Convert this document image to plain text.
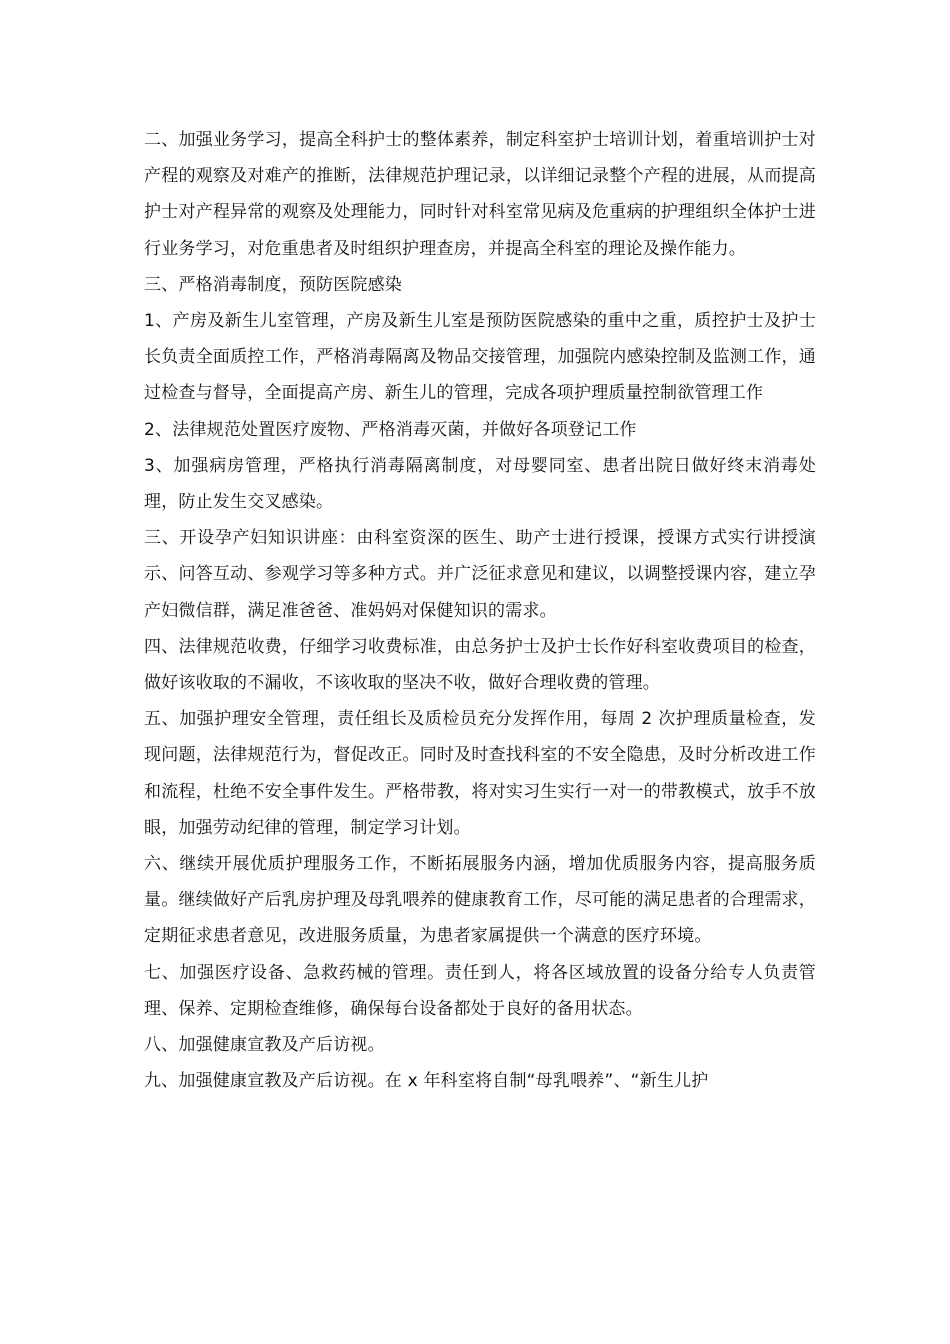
二、加强业务学习，提高全科护士的整体素养，制定科室护士培训计划，着重培训护士对产程的观察及对难产的推断，法律规范护理记录，以详细记录整个产程的进展，从而提高护士对产程异常的观察及处理能力，同时针对科室常见病及危重病的护理组织全体护士进行业务学习，对危重患者及时组织护理查房，并提高全科室的理论及操作能力。

三、严格消毒制度，预防医院感染

1、产房及新生儿室管理，产房及新生儿室是预防医院感染的重中之重，质控护士及护士长负责全面质控工作，严格消毒隔离及物品交接管理，加强院内感染控制及监测工作，通过检查与督导，全面提高产房、新生儿的管理，完成各项护理质量控制欲管理工作

2、法律规范处置医疗废物、严格消毒灭菌，并做好各项登记工作

3、加强病房管理，严格执行消毒隔离制度，对母婴同室、患者出院日做好终末消毒处理，防止发生交叉感染。

三、开设孕产妇知识讲座：由科室资深的医生、助产士进行授课，授课方式实行讲授演示、问答互动、参观学习等多种方式。并广泛征求意见和建议，以调整授课内容，建立孕产妇微信群，满足准爸爸、准妈妈对保健知识的需求。

四、法律规范收费，仔细学习收费标准，由总务护士及护士长作好科室收费项目的检查，做好该收取的不漏收，不该收取的坚决不收，做好合理收费的管理。

五、加强护理安全管理，责任组长及质检员充分发挥作用，每周 2 次护理质量检查，发现问题，法律规范行为，督促改正。同时及时查找科室的不安全隐患，及时分析改进工作和流程，杜绝不安全事件发生。严格带教，将对实习生实行一对一的带教模式，放手不放眼，加强劳动纪律的管理，制定学习计划。

六、继续开展优质护理服务工作，不断拓展服务内涵，增加优质服务内容，提高服务质量。继续做好产后乳房护理及母乳喂养的健康教育工作，尽可能的满足患者的合理需求，定期征求患者意见，改进服务质量，为患者家属提供一个满意的医疗环境。

七、加强医疗设备、急救药械的管理。责任到人，将各区域放置的设备分给专人负责管理、保养、定期检查维修，确保每台设备都处于良好的备用状态。

八、加强健康宣教及产后访视。

九、加强健康宣教及产后访视。在 x 年科室将自制“母乳喂养”、“新生儿护
